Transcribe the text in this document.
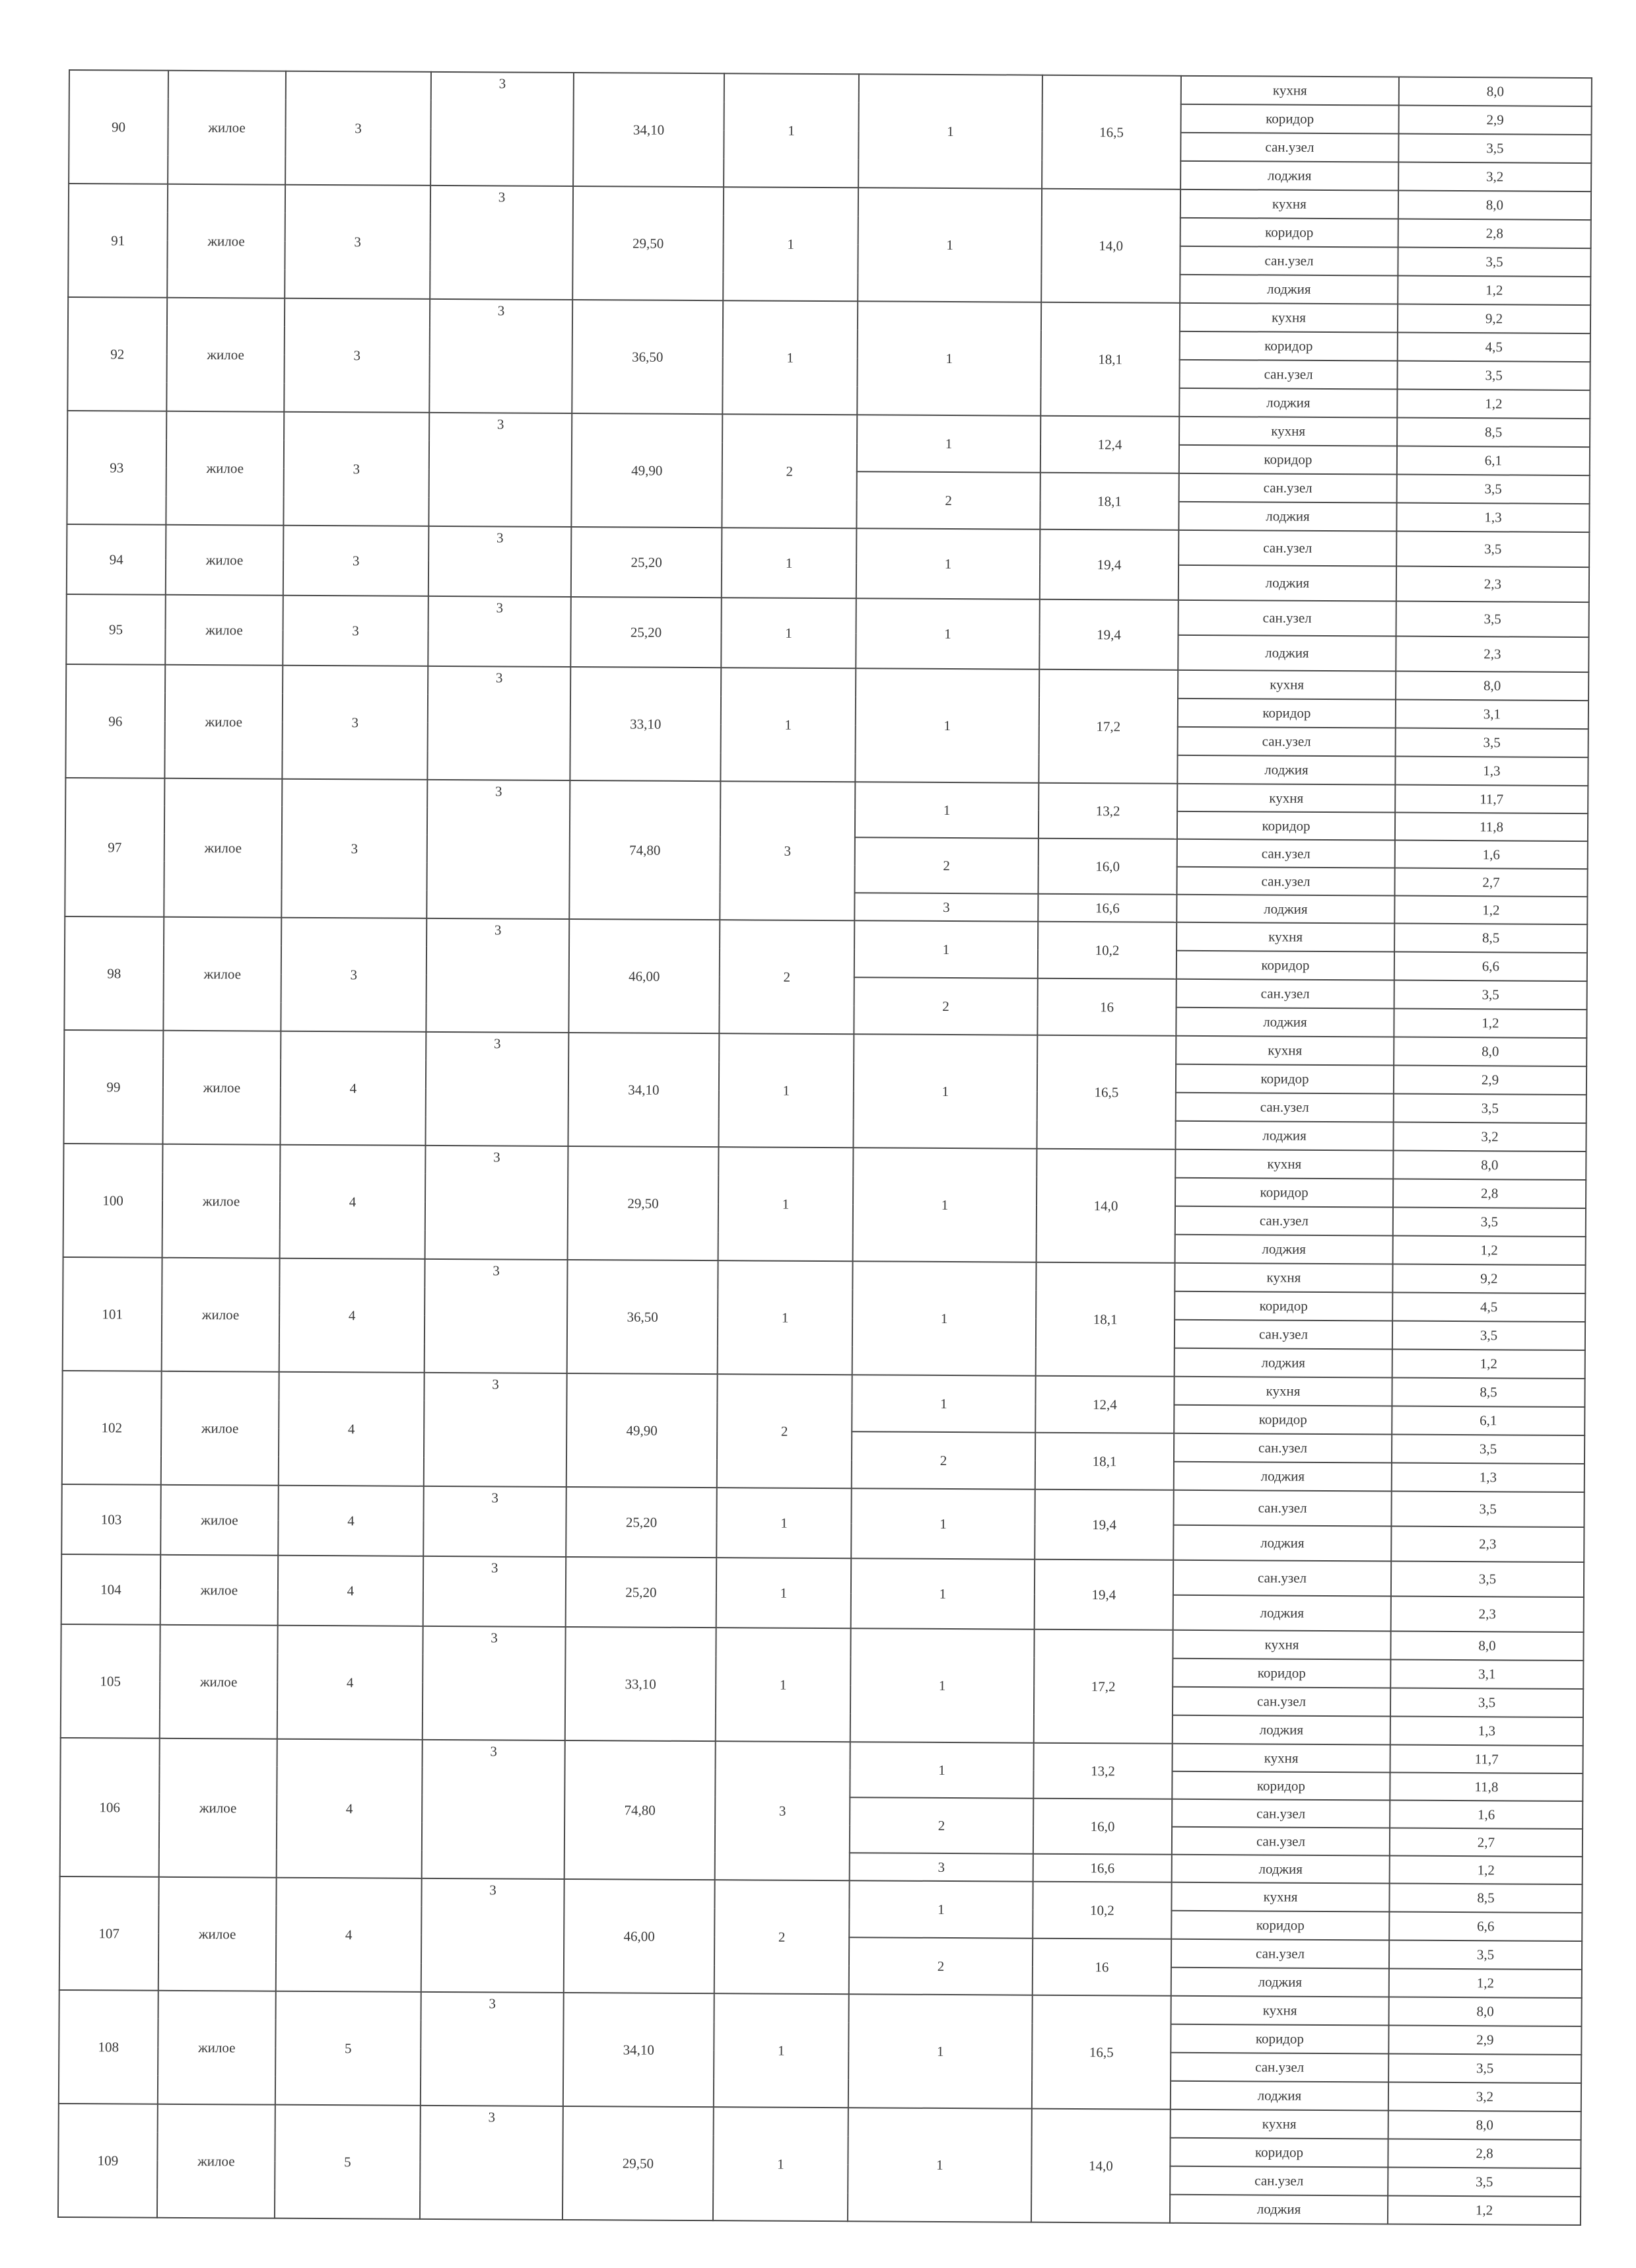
90	жилое	3	3	34,10	1	1	16,5	кухня	8,0
								коридор	2,9
								сан.узел	3,5
								лоджия	3,2
91	жилое	3	3	29,50	1	1	14,0	кухня	8,0
								коридор	2,8
								сан.узел	3,5
								лоджия	1,2
92	жилое	3	3	36,50	1	1	18,1	кухня	9,2
								коридор	4,5
								сан.узел	3,5
								лоджия	1,2
93	жилое	3	3	49,90	2	1	12,4	кухня	8,5
								коридор	6,1
						2	18,1	сан.узел	3,5
								лоджия	1,3
94	жилое	3	3	25,20	1	1	19,4	сан.узел	3,5
								лоджия	2,3
95	жилое	3	3	25,20	1	1	19,4	сан.узел	3,5
								лоджия	2,3
96	жилое	3	3	33,10	1	1	17,2	кухня	8,0
								коридор	3,1
								сан.узел	3,5
								лоджия	1,3
97	жилое	3	3	74,80	3	1	13,2	кухня	11,7
								коридор	11,8
						2	16,0	сан.узел	1,6
								сан.узел	2,7
						3	16,6	лоджия	1,2
98	жилое	3	3	46,00	2	1	10,2	кухня	8,5
								коридор	6,6
						2	16	сан.узел	3,5
								лоджия	1,2
99	жилое	4	3	34,10	1	1	16,5	кухня	8,0
								коридор	2,9
								сан.узел	3,5
								лоджия	3,2
100	жилое	4	3	29,50	1	1	14,0	кухня	8,0
								коридор	2,8
								сан.узел	3,5
								лоджия	1,2
101	жилое	4	3	36,50	1	1	18,1	кухня	9,2
								коридор	4,5
								сан.узел	3,5
								лоджия	1,2
102	жилое	4	3	49,90	2	1	12,4	кухня	8,5
								коридор	6,1
						2	18,1	сан.узел	3,5
								лоджия	1,3
103	жилое	4	3	25,20	1	1	19,4	сан.узел	3,5
								лоджия	2,3
104	жилое	4	3	25,20	1	1	19,4	сан.узел	3,5
								лоджия	2,3
105	жилое	4	3	33,10	1	1	17,2	кухня	8,0
								коридор	3,1
								сан.узел	3,5
								лоджия	1,3
106	жилое	4	3	74,80	3	1	13,2	кухня	11,7
								коридор	11,8
						2	16,0	сан.узел	1,6
								сан.узел	2,7
						3	16,6	лоджия	1,2
107	жилое	4	3	46,00	2	1	10,2	кухня	8,5
								коридор	6,6
						2	16	сан.узел	3,5
								лоджия	1,2
108	жилое	5	3	34,10	1	1	16,5	кухня	8,0
								коридор	2,9
								сан.узел	3,5
								лоджия	3,2
109	жилое	5	3	29,50	1	1	14,0	кухня	8,0
								коридор	2,8
								сан.узел	3,5
								лоджия	1,2
